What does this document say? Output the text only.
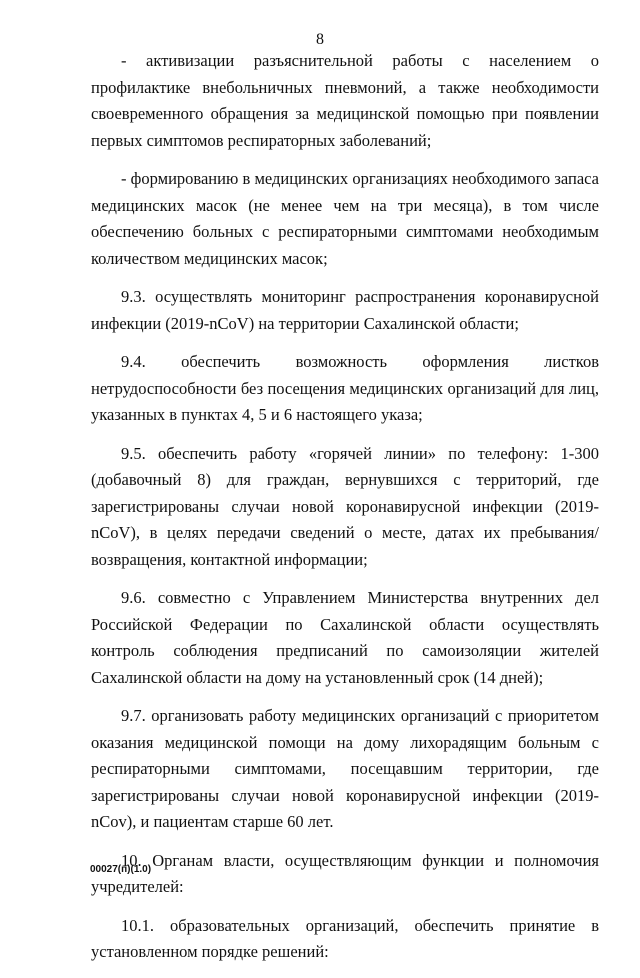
8

- активизации разъяснительной работы с населением о профилактике внебольничных пневмоний, а также необходимости своевременного обращения за медицинской помощью при появлении первых симптомов респираторных заболеваний;

- формированию в медицинских организациях необходимого запаса медицинских масок (не менее чем на три месяца), в том числе обеспечению больных с респираторными симптомами необходимым количеством медицинских масок;

9.3. осуществлять мониторинг распространения коронавирусной инфекции (2019-nCoV) на территории Сахалинской области;

9.4. обеспечить возможность оформления листков нетрудоспособности без посещения медицинских организаций для лиц, указанных в пунктах 4, 5 и 6 настоящего указа;

9.5. обеспечить работу «горячей линии» по телефону: 1-300 (добавочный 8) для граждан, вернувшихся с территорий, где зарегистрированы случаи новой коронавирусной инфекции (2019-nCoV), в целях передачи сведений о месте, датах их пребывания/возвращения, контактной информации;

9.6. совместно с Управлением Министерства внутренних дел Российской Федерации по Сахалинской области осуществлять контроль соблюдения предписаний по самоизоляции жителей Сахалинской области на дому на установленный срок (14 дней);

9.7. организовать работу медицинских организаций с приоритетом оказания медицинской помощи на дому лихорадящим больным с респираторными симптомами, посещавшим территории, где зарегистрированы случаи новой коронавирусной инфекции (2019-nCov), и пациентам старше 60 лет.

10. Органам власти, осуществляющим функции и полномочия учредителей:

10.1. образовательных организаций, обеспечить принятие в установленном порядке решений:

00027(п)(1.0)
